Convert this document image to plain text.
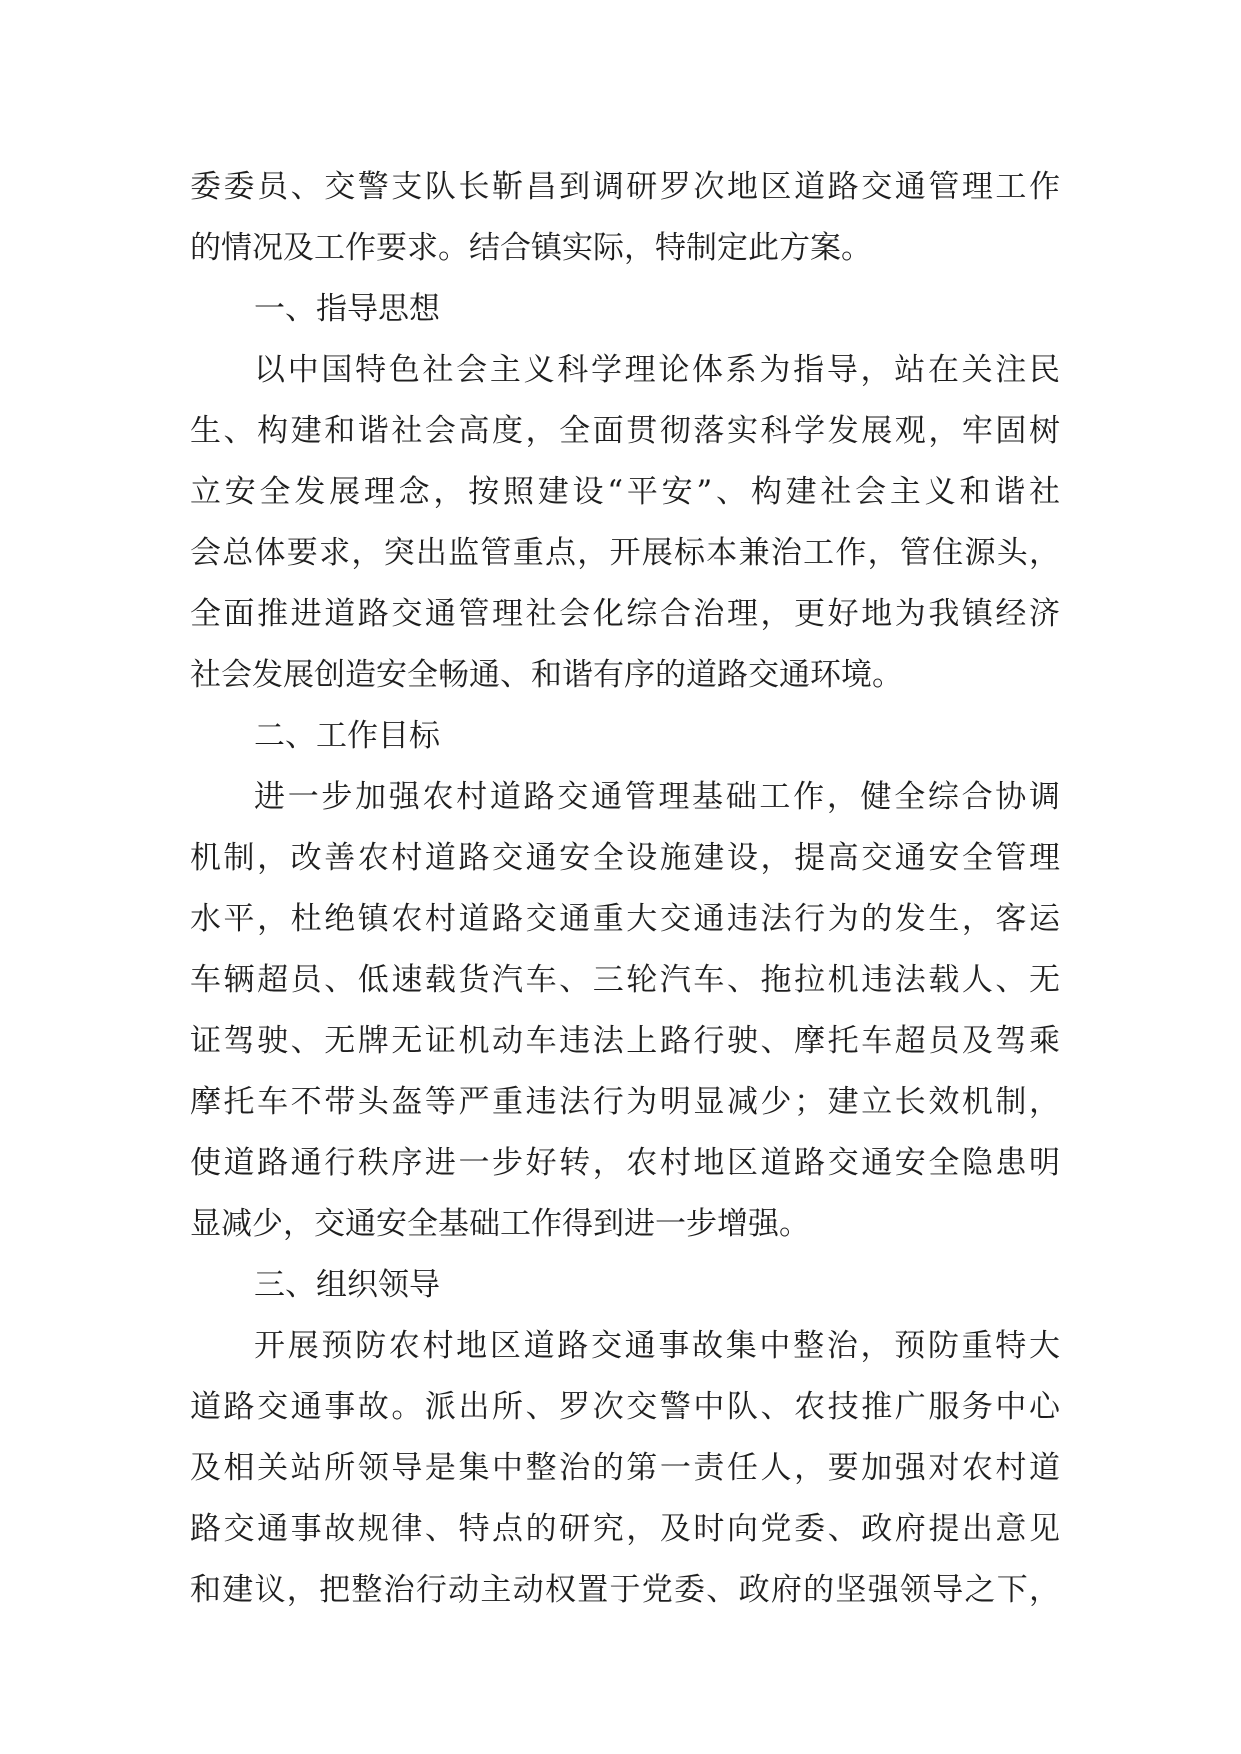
委委员、交警支队长靳昌到调研罗次地区道路交通管理工作
的情况及工作要求。结合镇实际，特制定此方案。
一、指导思想
以中国特色社会主义科学理论体系为指导，站在关注民
生、构建和谐社会高度，全面贯彻落实科学发展观，牢固树
立安全发展理念，按照建设“平安”、构建社会主义和谐社
会总体要求，突出监管重点，开展标本兼治工作，管住源头，
全面推进道路交通管理社会化综合治理，更好地为我镇经济
社会发展创造安全畅通、和谐有序的道路交通环境。
二、工作目标
进一步加强农村道路交通管理基础工作，健全综合协调
机制，改善农村道路交通安全设施建设，提高交通安全管理
水平，杜绝镇农村道路交通重大交通违法行为的发生，客运
车辆超员、低速载货汽车、三轮汽车、拖拉机违法载人、无
证驾驶、无牌无证机动车违法上路行驶、摩托车超员及驾乘
摩托车不带头盔等严重违法行为明显减少；建立长效机制，
使道路通行秩序进一步好转，农村地区道路交通安全隐患明
显减少，交通安全基础工作得到进一步增强。
三、组织领导
开展预防农村地区道路交通事故集中整治，预防重特大
道路交通事故。派出所、罗次交警中队、农技推广服务中心
及相关站所领导是集中整治的第一责任人，要加强对农村道
路交通事故规律、特点的研究，及时向党委、政府提出意见
和建议，把整治行动主动权置于党委、政府的坚强领导之下，
